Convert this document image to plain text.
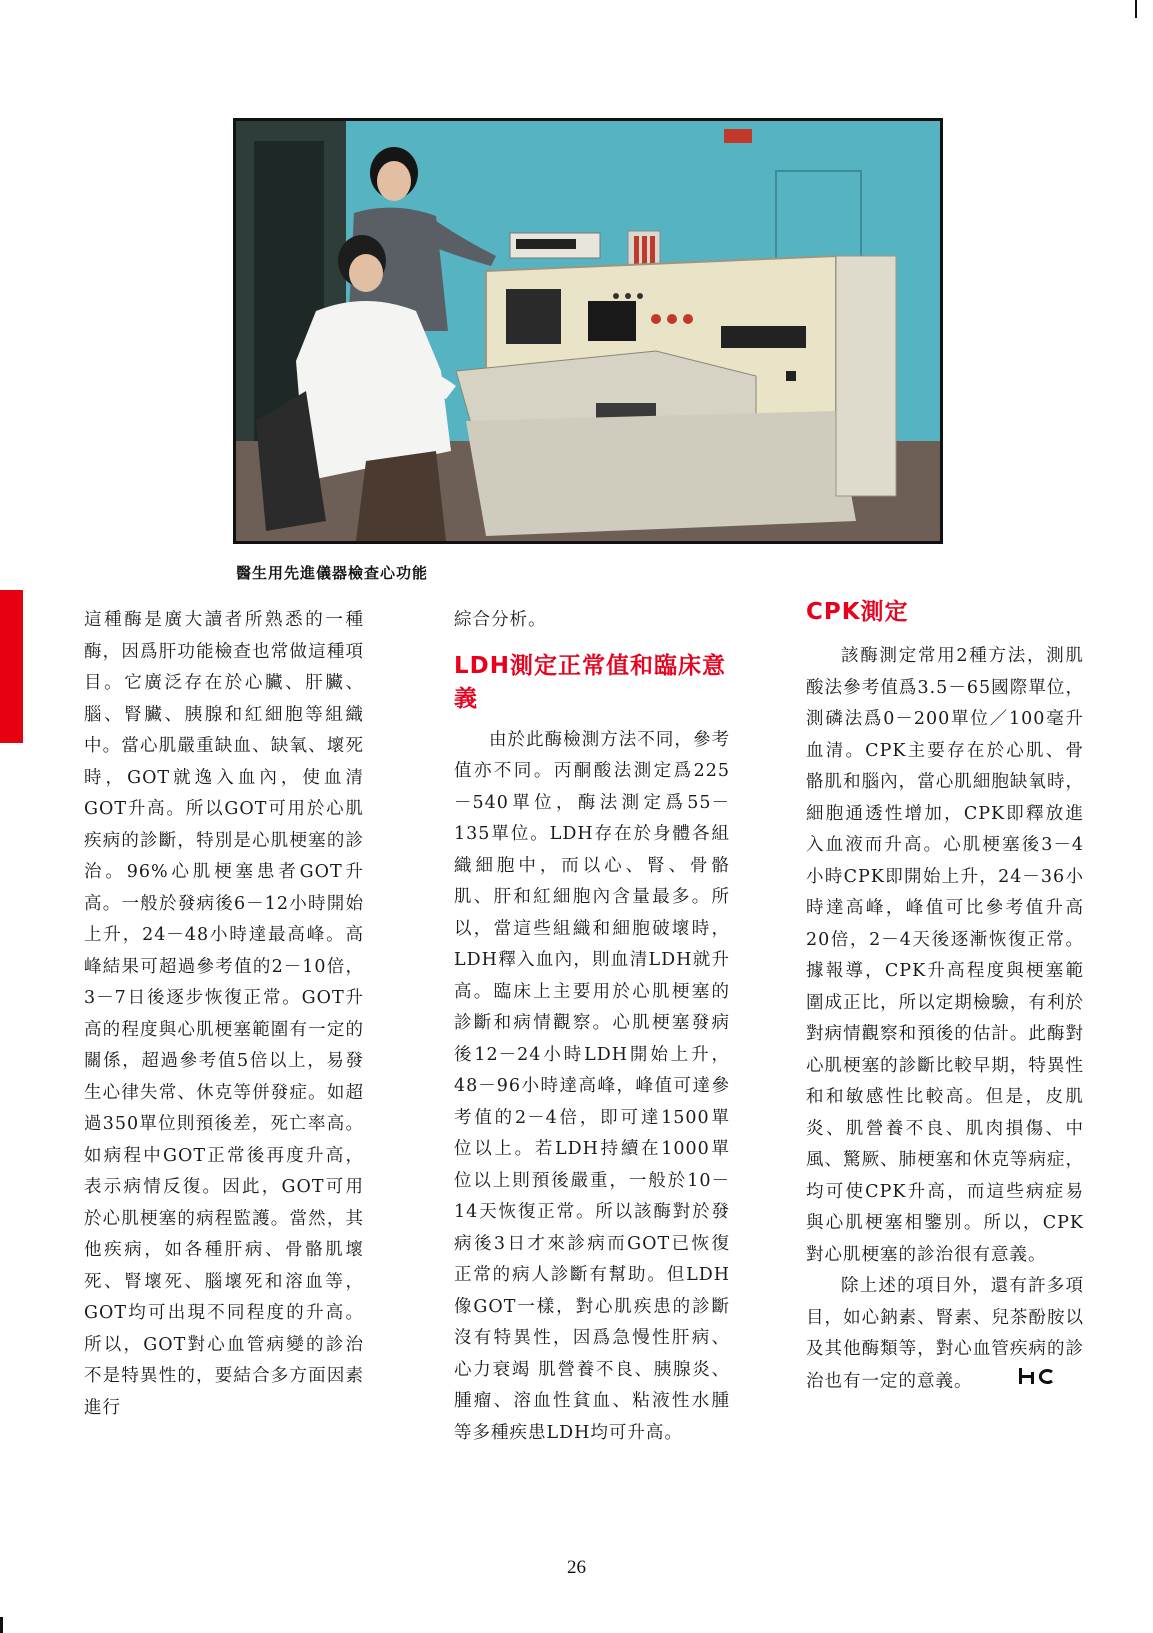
醫生用先進儀器檢查心功能

這種酶是廣大讀者所熟悉的一種酶，因爲肝功能檢查也常做這種項目。它廣泛存在於心臟、肝臟、腦、腎臟、胰腺和紅細胞等組織中。當心肌嚴重缺血、缺氧、壞死時，GOT就逸入血內，使血清GOT升高。所以GOT可用於心肌疾病的診斷，特別是心肌梗塞的診治。96%心肌梗塞患者GOT升高。一般於發病後6－12小時開始上升，24－48小時達最高峰。高峰結果可超過參考值的2－10倍，3－7日後逐步恢復正常。GOT升高的程度與心肌梗塞範圍有一定的關係，超過參考值5倍以上，易發生心律失常、休克等併發症。如超過350單位則預後差，死亡率高。如病程中GOT正常後再度升高，表示病情反復。因此，GOT可用於心肌梗塞的病程監護。當然，其他疾病，如各種肝病、骨骼肌壞死、腎壞死、腦壞死和溶血等，GOT均可出現不同程度的升高。所以，GOT對心血管病變的診治不是特異性的，要結合多方面因素進行

綜合分析。

LDH測定正常值和臨床意義

由於此酶檢測方法不同，參考值亦不同。丙酮酸法測定爲225－540單位，酶法測定爲55－135單位。LDH存在於身體各組織細胞中，而以心、腎、骨骼肌、肝和紅細胞內含量最多。所以，當這些組織和細胞破壞時，LDH釋入血內，則血清LDH就升高。臨床上主要用於心肌梗塞的診斷和病情觀察。心肌梗塞發病後12－24小時LDH開始上升，48－96小時達高峰，峰值可達參考值的2－4倍，即可達1500單位以上。若LDH持續在1000單位以上則預後嚴重，一般於10－14天恢復正常。所以該酶對於發病後3日才來診病而GOT已恢復正常的病人診斷有幫助。但LDH像GOT一樣，對心肌疾患的診斷沒有特異性，因爲急慢性肝病、心力衰竭 肌營養不良、胰腺炎、腫瘤、溶血性貧血、粘液性水腫等多種疾患LDH均可升高。

CPK測定

該酶測定常用2種方法，測肌酸法參考值爲3.5－65國際單位，測磷法爲0－200單位／100毫升血清。CPK主要存在於心肌、骨骼肌和腦內，當心肌細胞缺氧時，細胞通透性增加，CPK即釋放進入血液而升高。心肌梗塞後3－4小時CPK即開始上升，24－36小時達高峰，峰值可比參考值升高20倍，2－4天後逐漸恢復正常。據報導，CPK升高程度與梗塞範圍成正比，所以定期檢驗，有利於對病情觀察和預後的估計。此酶對心肌梗塞的診斷比較早期，特異性和和敏感性比較高。但是，皮肌炎、肌營養不良、肌肉損傷、中風、驚厥、肺梗塞和休克等病症，均可使CPK升高，而這些病症易與心肌梗塞相鑒別。所以，CPK對心肌梗塞的診治很有意義。

除上述的項目外，還有許多項目，如心鈉素、腎素、兒茶酚胺以及其他酶類等，對心血管疾病的診治也有一定的意義。

26
